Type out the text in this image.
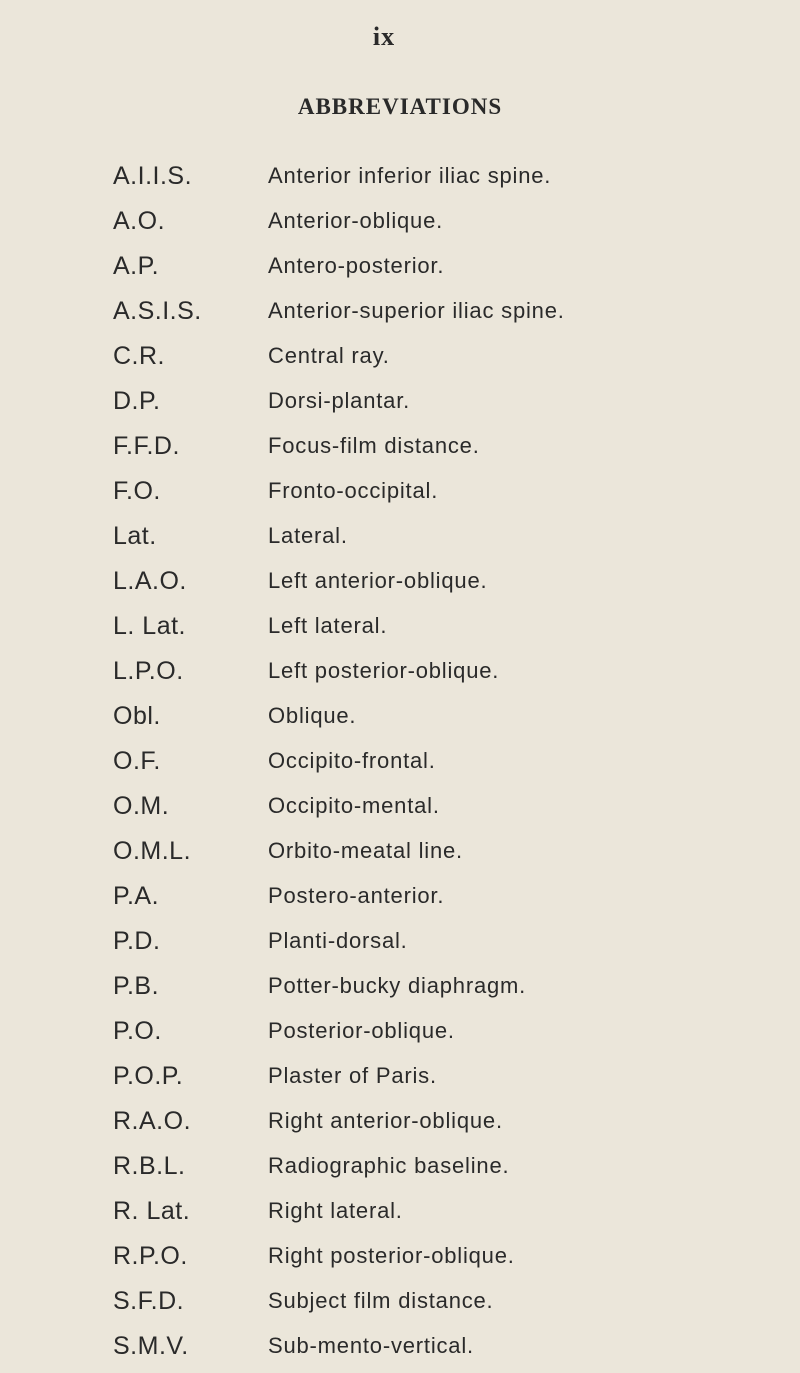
ix
ABBREVIATIONS
A.I.I.S.	Anterior inferior iliac spine.
A.O.	Anterior-oblique.
A.P.	Antero-posterior.
A.S.I.S.	Anterior-superior iliac spine.
C.R.	Central ray.
D.P.	Dorsi-plantar.
F.F.D.	Focus-film distance.
F.O.	Fronto-occipital.
Lat.	Lateral.
L.A.O.	Left anterior-oblique.
L. Lat.	Left lateral.
L.P.O.	Left posterior-oblique.
Obl.	Oblique.
O.F.	Occipito-frontal.
O.M.	Occipito-mental.
O.M.L.	Orbito-meatal line.
P.A.	Postero-anterior.
P.D.	Planti-dorsal.
P.B.	Potter-bucky diaphragm.
P.O.	Posterior-oblique.
P.O.P.	Plaster of Paris.
R.A.O.	Right anterior-oblique.
R.B.L.	Radiographic baseline.
R. Lat.	Right lateral.
R.P.O.	Right posterior-oblique.
S.F.D.	Subject film distance.
S.M.V.	Sub-mento-vertical.
